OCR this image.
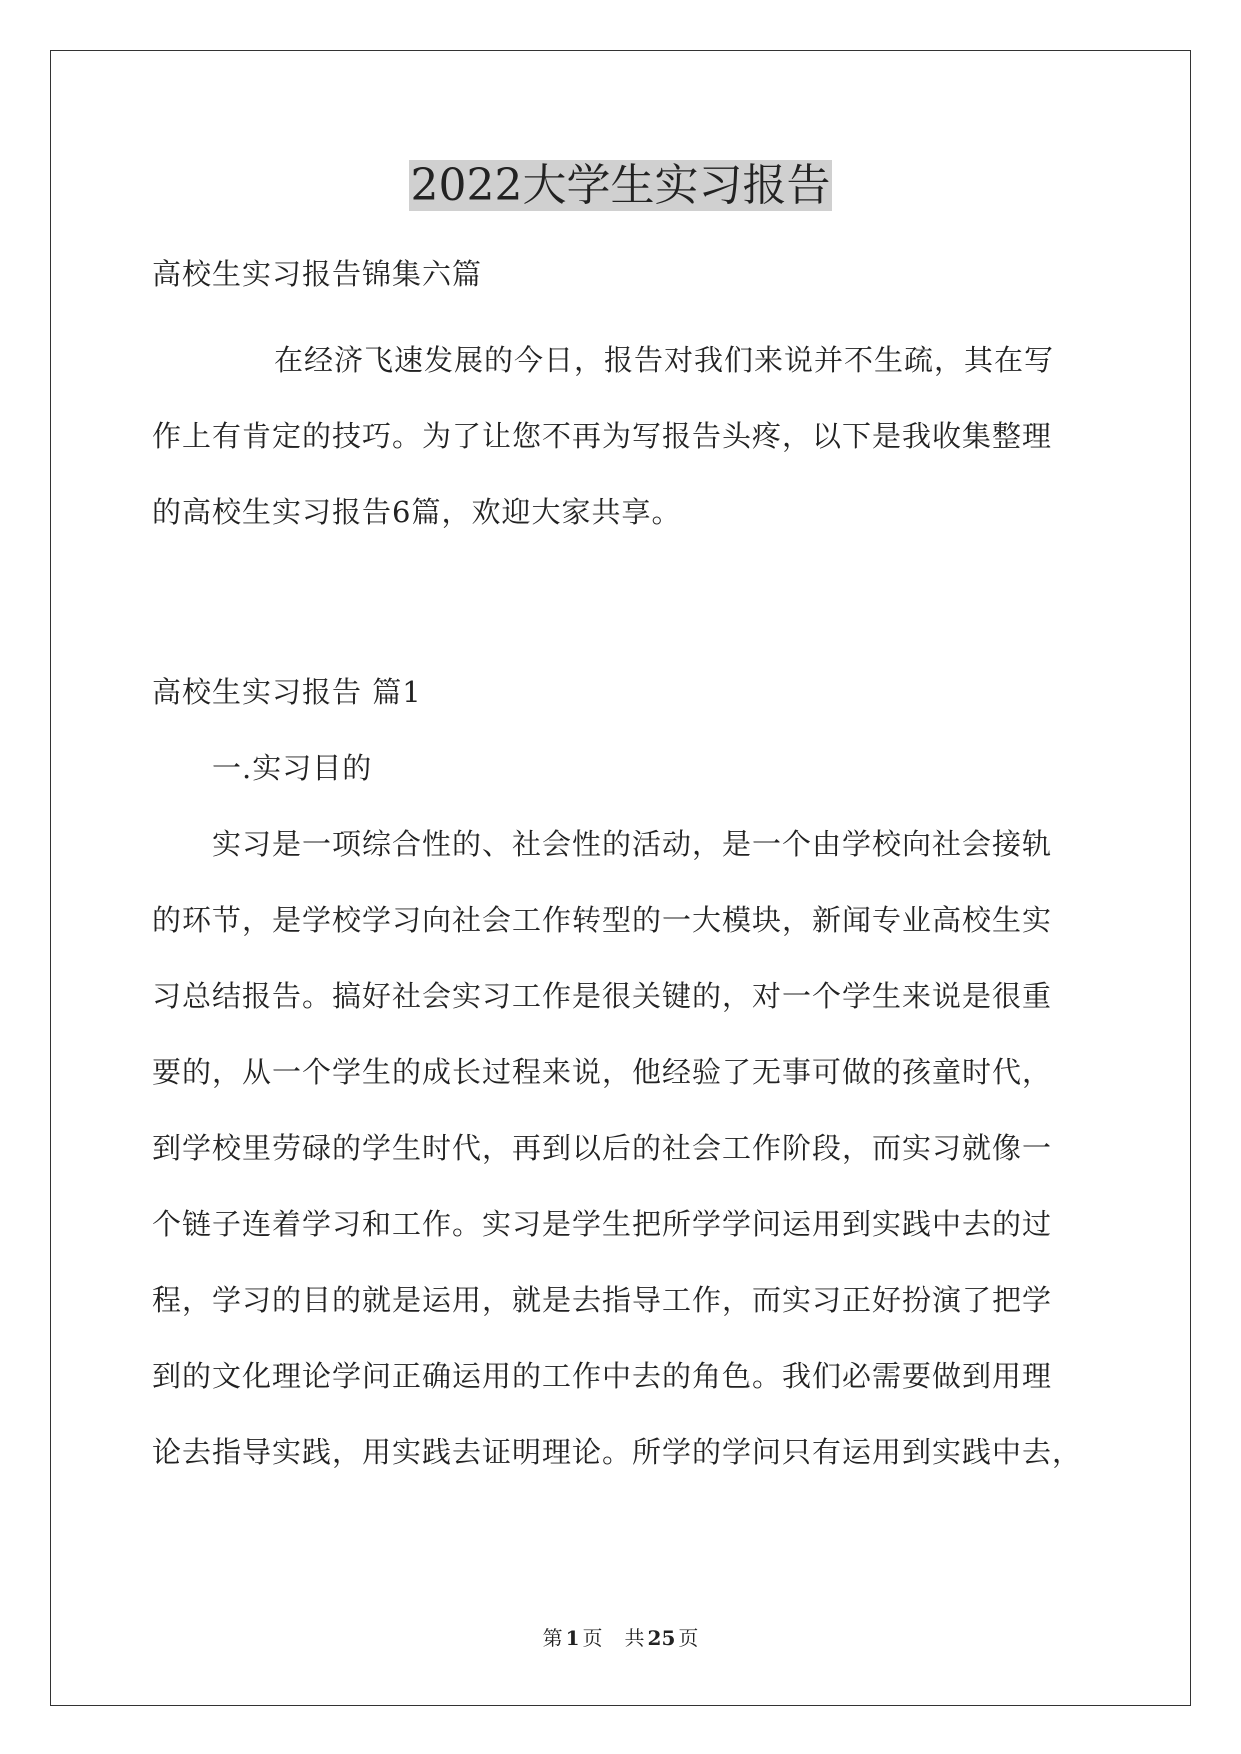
2022大学生实习报告
高校生实习报告锦集六篇
在经济飞速发展的今日，报告对我们来说并不生疏，其在写
作上有肯定的技巧。为了让您不再为写报告头疼，以下是我收集整理
的高校生实习报告6篇，欢迎大家共享。
高校生实习报告 篇1
一.实习目的
实习是一项综合性的、社会性的活动，是一个由学校向社会接轨
的环节，是学校学习向社会工作转型的一大模块，新闻专业高校生实
习总结报告。搞好社会实习工作是很关键的，对一个学生来说是很重
要的，从一个学生的成长过程来说，他经验了无事可做的孩童时代，
到学校里劳碌的学生时代，再到以后的社会工作阶段，而实习就像一
个链子连着学习和工作。实习是学生把所学学问运用到实践中去的过
程，学习的目的就是运用，就是去指导工作，而实习正好扮演了把学
到的文化理论学问正确运用的工作中去的角色。我们必需要做到用理
论去指导实践，用实践去证明理论。所学的学问只有运用到实践中去，
第 1 页 共 25 页
